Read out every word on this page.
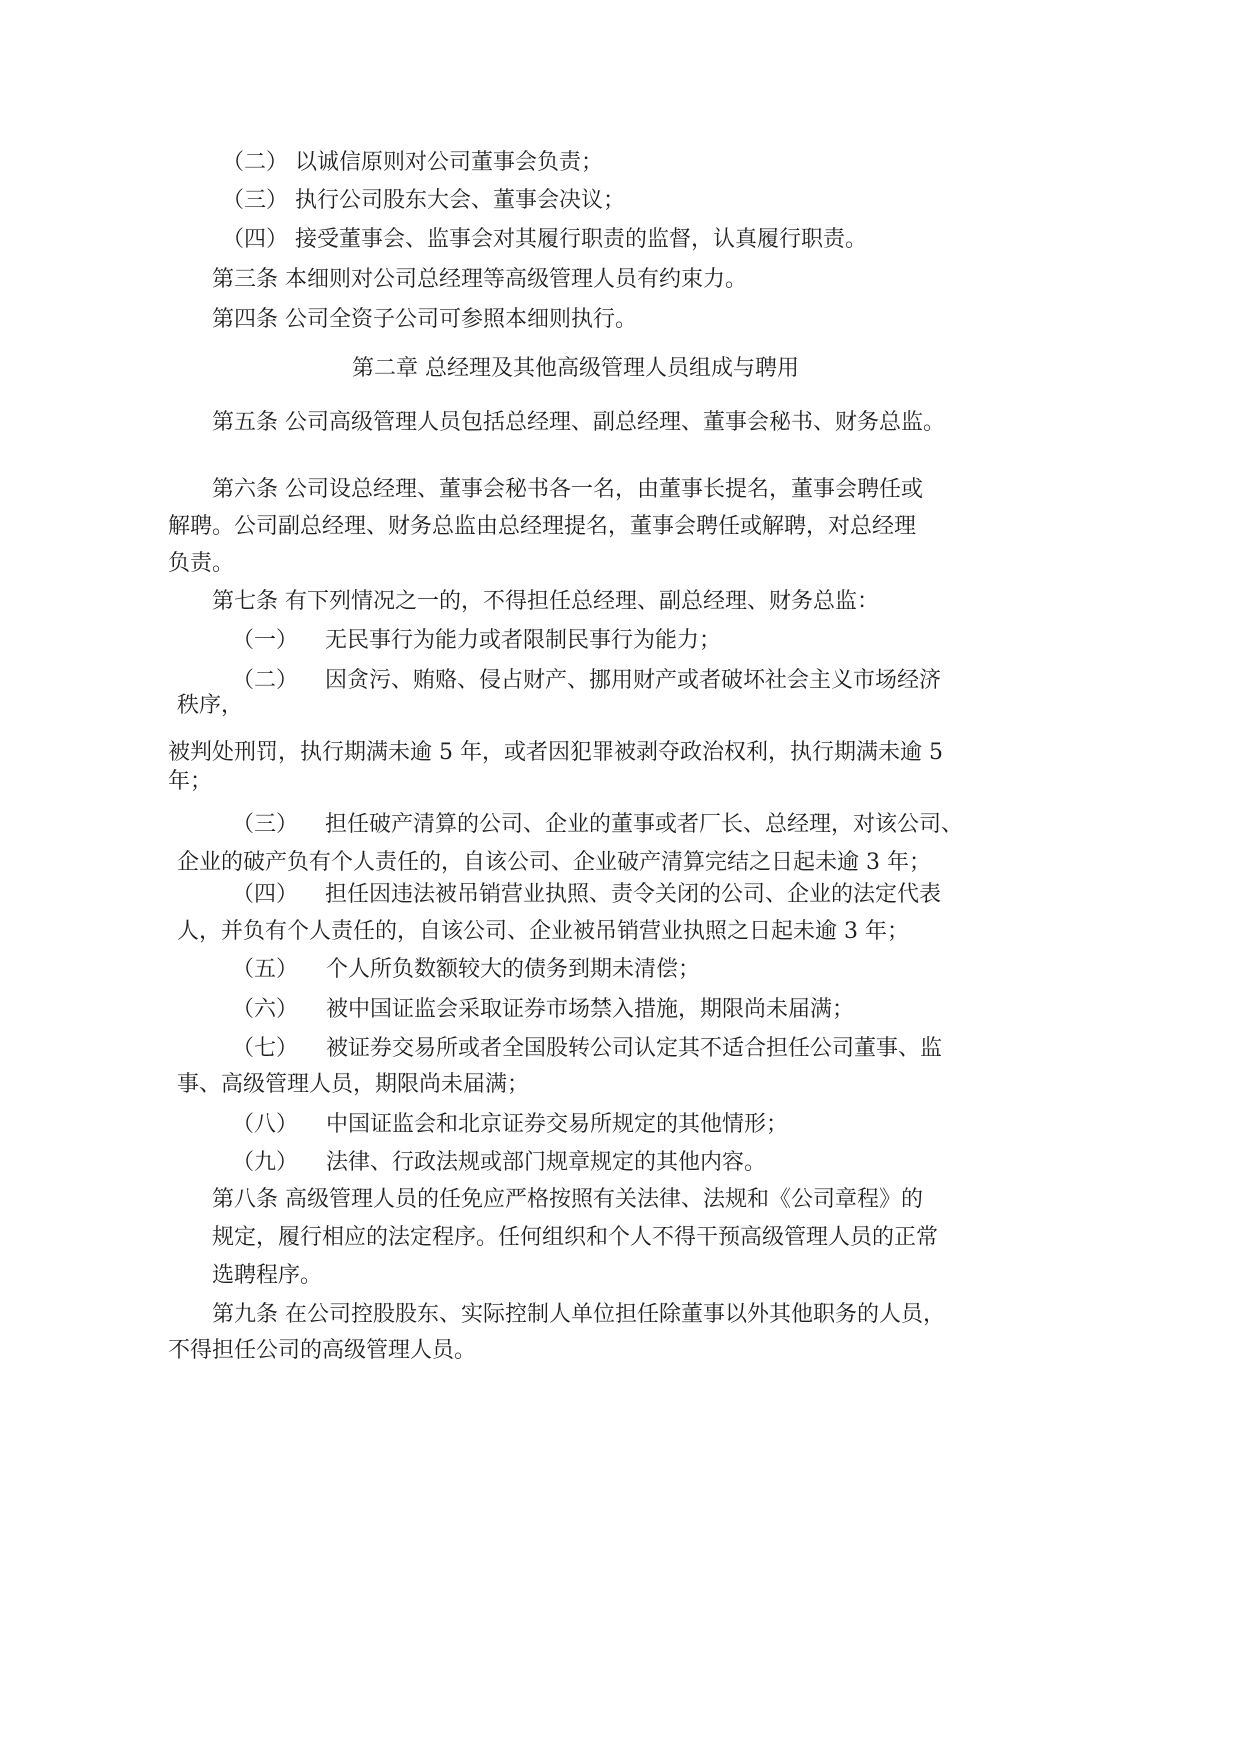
（二） 以诚信原则对公司董事会负责；
（三） 执行公司股东大会、董事会决议；
（四） 接受董事会、监事会对其履行职责的监督，认真履行职责。
第三条 本细则对公司总经理等高级管理人员有约束力。
第四条 公司全资子公司可参照本细则执行。
第二章 总经理及其他高级管理人员组成与聘用
第五条 公司高级管理人员包括总经理、副总经理、董事会秘书、财务总监。
第六条 公司设总经理、董事会秘书各一名，由董事长提名，董事会聘任或
解聘。公司副总经理、财务总监由总经理提名，董事会聘任或解聘，对总经理
负责。
第七条 有下列情况之一的，不得担任总经理、副总经理、财务总监：
（一） 无民事行为能力或者限制民事行为能力；
（二） 因贪污、贿赂、侵占财产、挪用财产或者破坏社会主义市场经济
秩序，
被判处刑罚，执行期满未逾 5 年，或者因犯罪被剥夺政治权利，执行期满未逾 5
年；
（三） 担任破产清算的公司、企业的董事或者厂长、总经理，对该公司、
企业的破产负有个人责任的，自该公司、企业破产清算完结之日起未逾 3 年；
（四） 担任因违法被吊销营业执照、责令关闭的公司、企业的法定代表
人，并负有个人责任的，自该公司、企业被吊销营业执照之日起未逾 3 年；
（五） 个人所负数额较大的债务到期未清偿；
（六） 被中国证监会采取证券市场禁入措施，期限尚未届满；
（七） 被证券交易所或者全国股转公司认定其不适合担任公司董事、监
事、高级管理人员，期限尚未届满；
（八） 中国证监会和北京证券交易所规定的其他情形；
（九） 法律、行政法规或部门规章规定的其他内容。
第八条 高级管理人员的任免应严格按照有关法律、法规和《公司章程》的
规定，履行相应的法定程序。任何组织和个人不得干预高级管理人员的正常
选聘程序。
第九条 在公司控股股东、实际控制人单位担任除董事以外其他职务的人员，
不得担任公司的高级管理人员。
